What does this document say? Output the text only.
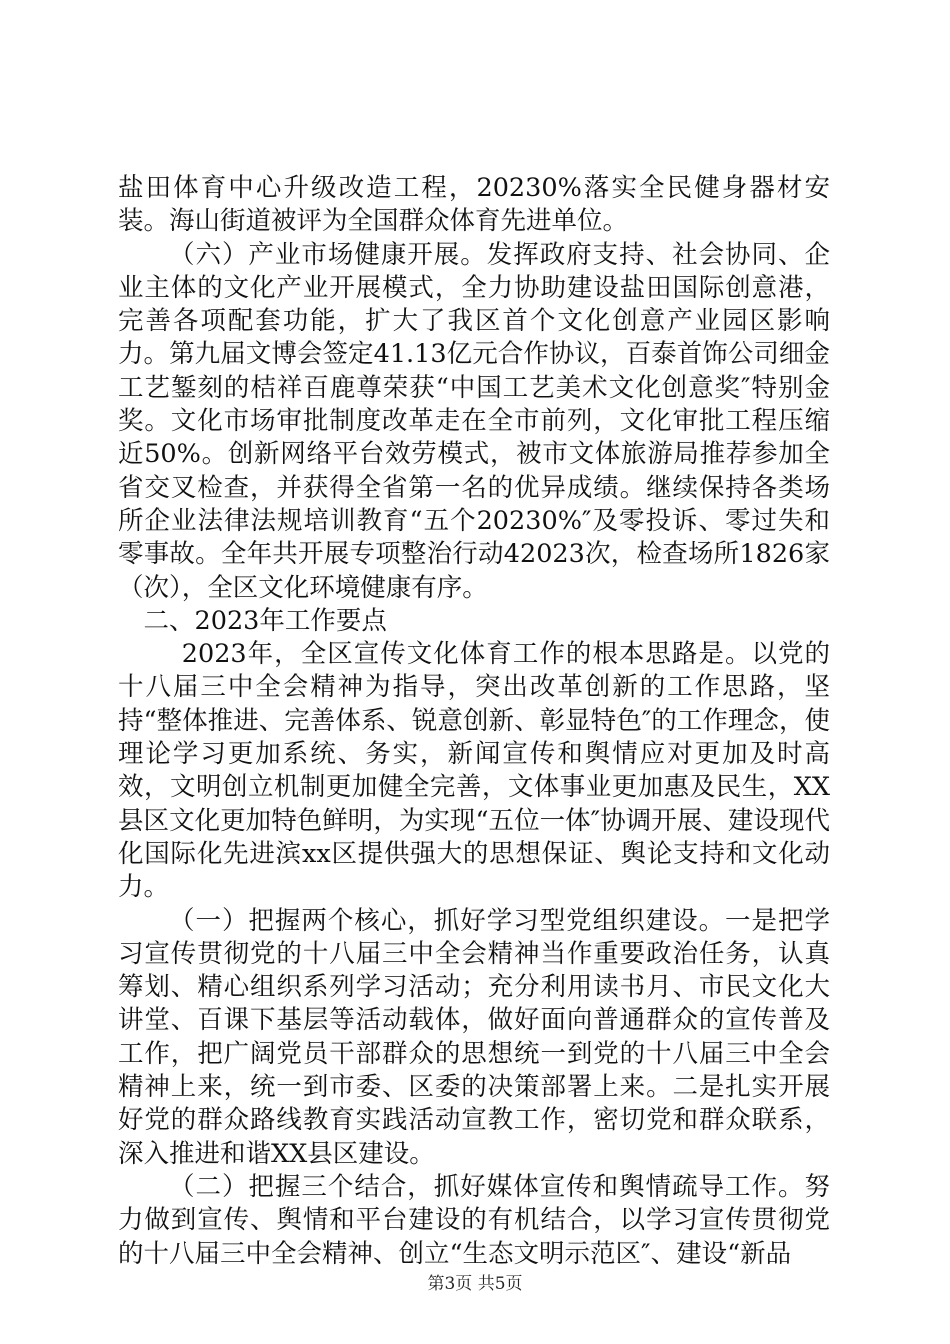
盐田体育中心升级改造工程，20230%落实全民健身器材安装。海山街道被评为全国群众体育先进单位。

（六）产业市场健康开展。发挥政府支持、社会协同、企业主体的文化产业开展模式，全力协助建设盐田国际创意港，完善各项配套功能，扩大了我区首个文化创意产业园区影响力。第九届文博会签定41.13亿元合作协议，百泰首饰公司细金工艺錾刻的桔祥百鹿尊荣获“中国工艺美术文化创意奖″特别金奖。文化市场审批制度改革走在全市前列，文化审批工程压缩近50%。创新网络平台效劳模式，被市文体旅游局推荐参加全省交叉检查，并获得全省第一名的优异成绩。继续保持各类场所企业法律法规培训教育“五个20230%″及零投诉、零过失和零事故。全年共开展专项整治行动42023次，检查场所1826家（次），全区文化环境健康有序。

二、2023年工作要点

2023年，全区宣传文化体育工作的根本思路是。以党的十八届三中全会精神为指导，突出改革创新的工作思路，坚持“整体推进、完善体系、锐意创新、彰显特色″的工作理念，使理论学习更加系统、务实，新闻宣传和舆情应对更加及时高效，文明创立机制更加健全完善，文体事业更加惠及民生，XX县区文化更加特色鲜明，为实现“五位一体″协调开展、建设现代化国际化先进滨xx区提供强大的思想保证、舆论支持和文化动力。

（一）把握两个核心，抓好学习型党组织建设。一是把学习宣传贯彻党的十八届三中全会精神当作重要政治任务，认真筹划、精心组织系列学习活动；充分利用读书月、市民文化大讲堂、百课下基层等活动载体，做好面向普通群众的宣传普及工作，把广阔党员干部群众的思想统一到党的十八届三中全会精神上来，统一到市委、区委的决策部署上来。二是扎实开展好党的群众路线教育实践活动宣教工作，密切党和群众联系，深入推进和谐XX县区建设。

（二）把握三个结合，抓好媒体宣传和舆情疏导工作。努力做到宣传、舆情和平台建设的有机结合，以学习宣传贯彻党的十八届三中全会精神、创立“生态文明示范区″、建设“新品

第3页 共5页
